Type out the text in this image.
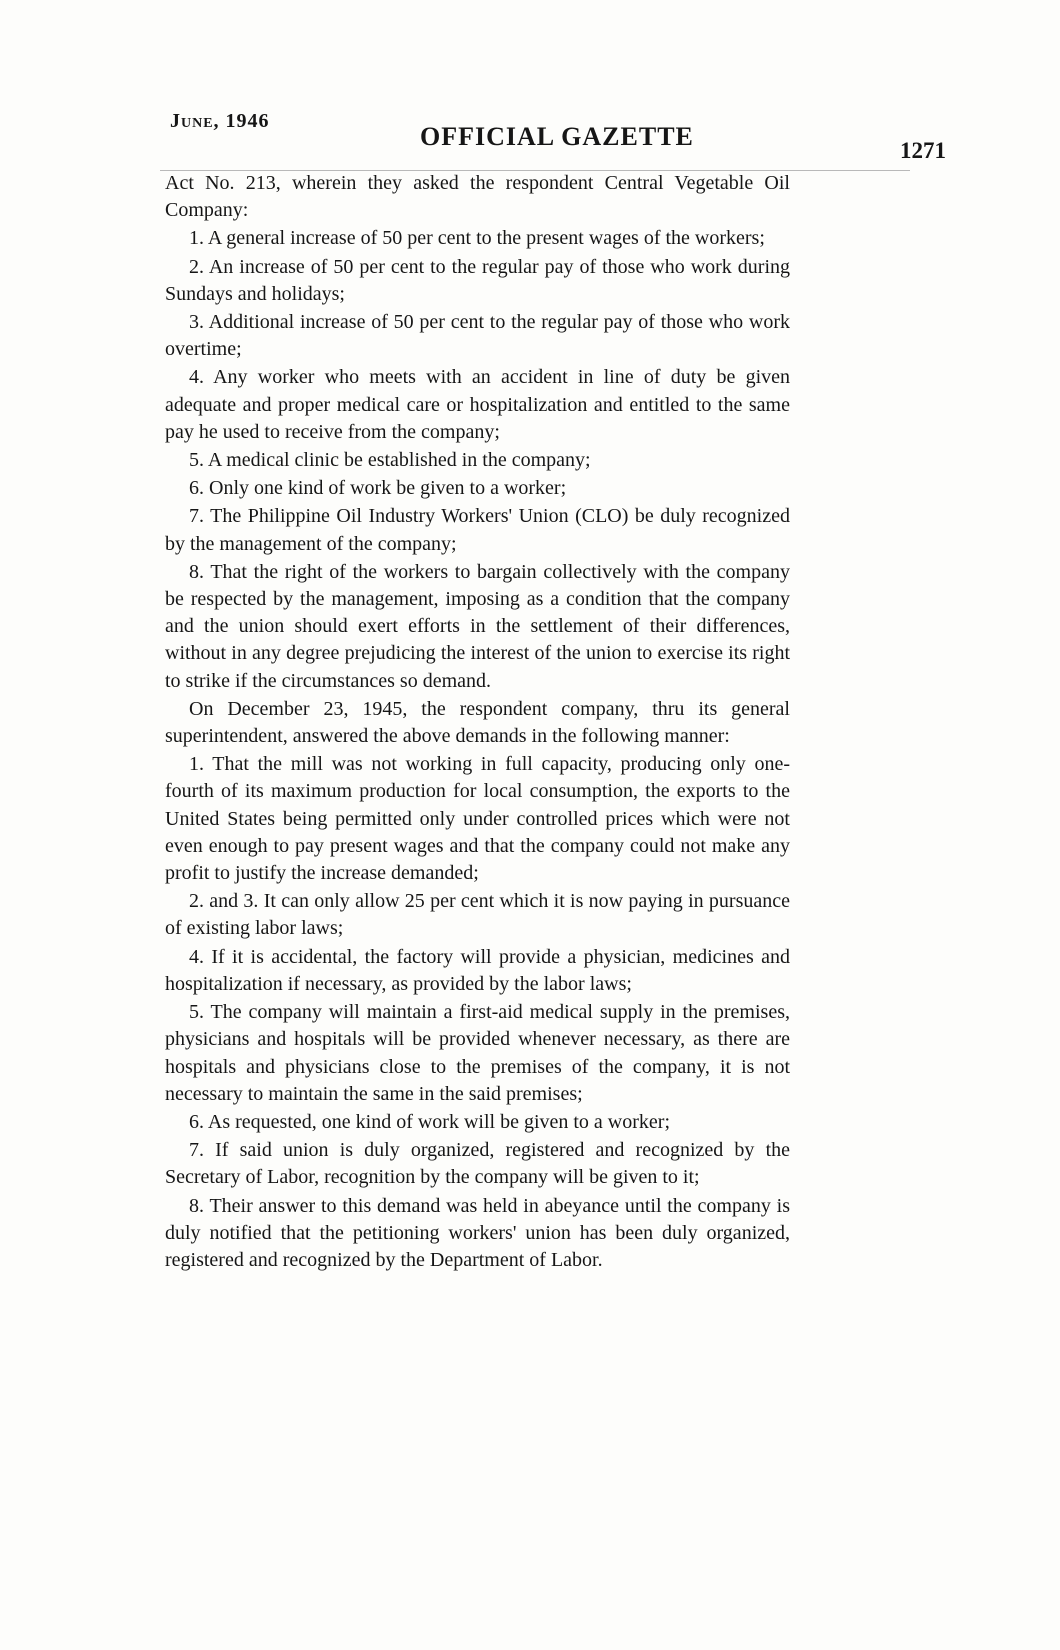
June, 1946
OFFICIAL GAZETTE	1271

Act No. 213, wherein they asked the respondent Central Vegetable Oil Company:

1. A general increase of 50 per cent to the present wages of the workers;

2. An increase of 50 per cent to the regular pay of those who work during Sundays and holidays;

3. Additional increase of 50 per cent to the regular pay of those who work overtime;

4. Any worker who meets with an accident in line of duty be given adequate and proper medical care or hospitalization and entitled to the same pay he used to receive from the company;

5. A medical clinic be established in the company;

6. Only one kind of work be given to a worker;

7. The Philippine Oil Industry Workers' Union (CLO) be duly recognized by the management of the company;

8. That the right of the workers to bargain collectively with the company be respected by the management, imposing as a condition that the company and the union should exert efforts in the settlement of their differences, without in any degree prejudicing the interest of the union to exercise its right to strike if the circumstances so demand.

On December 23, 1945, the respondent company, thru its general superintendent, answered the above demands in the following manner:

1. That the mill was not working in full capacity, producing only one-fourth of its maximum production for local consumption, the exports to the United States being permitted only under controlled prices which were not even enough to pay present wages and that the company could not make any profit to justify the increase demanded;

2. and 3. It can only allow 25 per cent which it is now paying in pursuance of existing labor laws;

4. If it is accidental, the factory will provide a physician, medicines and hospitalization if necessary, as provided by the labor laws;

5. The company will maintain a first-aid medical supply in the premises, physicians and hospitals will be provided whenever necessary, as there are hospitals and physicians close to the premises of the company, it is not necessary to maintain the same in the said premises;

6. As requested, one kind of work will be given to a worker;

7. If said union is duly organized, registered and recognized by the Secretary of Labor, recognition by the company will be given to it;

8. Their answer to this demand was held in abeyance until the company is duly notified that the petitioning workers' union has been duly organized, registered and recognized by the Department of Labor.
